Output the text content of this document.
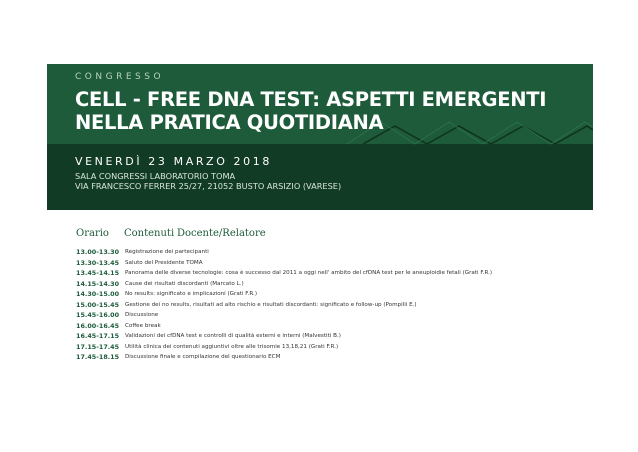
CONGRESSO
CELL - FREE DNA TEST: ASPETTI EMERGENTI
NELLA PRATICA QUOTIDIANA
VENERDÌ 23 MARZO 2018
SALA CONGRESSI LABORATORIO TOMA
VIA FRANCESCO FERRER 25/27, 21052 BUSTO ARSIZIO (VARESE)
Orario Contenuti Docente/Relatore
13.00-13.30 Registrazione dei partecipanti
13.30-13.45 Saluto del Presidente TOMA
13.45-14.15 Panorama delle diverse tecnologie: cosa è successo dal 2011 a oggi nell' ambito del cfDNA test per le aneuploidie fetali (Grati F.R.)
14.15-14.30 Cause dei risultati discordanti (Marcato L.)
14.30-15.00 No results: significato e implicazioni (Grati F.R.)
15.00-15.45 Gestione dei no results, risultati ad alto rischio e risultati discordanti: significato e follow-up (Pompilii E.)
15.45-16.00 Discussione
16.00-16.45 Coffee break
16.45-17.15 Validazioni dei cfDNA test e controlli di qualità esterni e interni (Malvestiti B.)
17.15-17.45 Utilità clinica dei contenuti aggiuntivi oltre alle trisomie 13,18,21 (Grati F.R.)
17.45-18.15 Discussione finale e compilazione del questionario ECM
